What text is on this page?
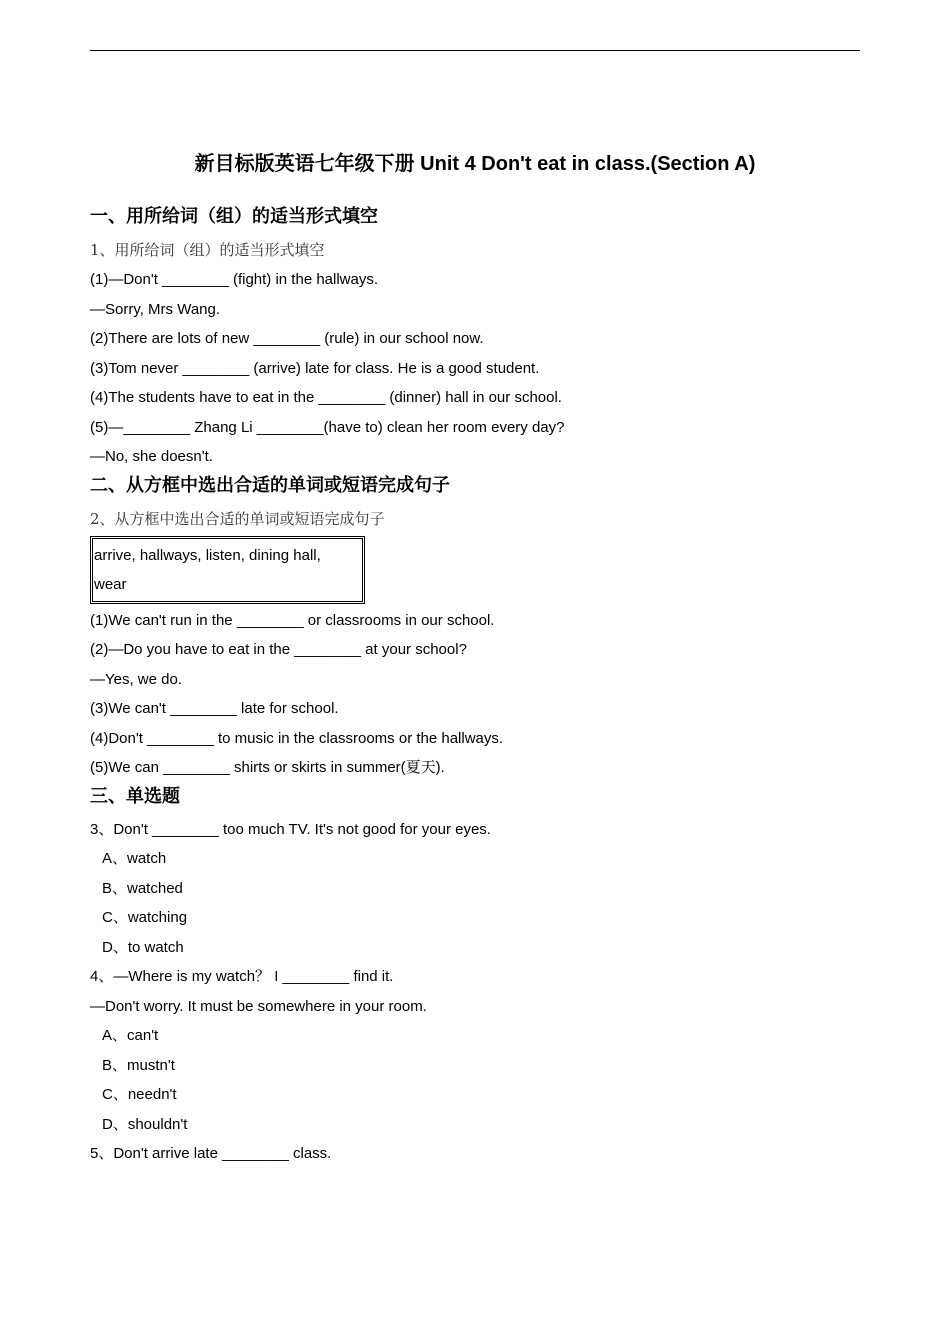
新目标版英语七年级下册 Unit 4 Don't eat in class.(Section A)
一、用所给词（组）的适当形式填空
1、用所给词（组）的适当形式填空
(1)—Don't ________ (fight) in the hallways.
—Sorry, Mrs Wang.
(2)There are lots of new ________ (rule) in our school now.
(3)Tom never ________ (arrive) late for class. He is a good student.
(4)The students have to eat in the ________ (dinner) hall in our school.
(5)—________ Zhang Li ________(have to) clean her room every day?
—No, she doesn't.
二、从方框中选出合适的单词或短语完成句子
2、从方框中选出合适的单词或短语完成句子
arrive, hallways, listen, dining hall,
wear
(1)We can't run in the ________ or classrooms in our school.
(2)—Do you have to eat in the ________ at your school?
—Yes, we do.
(3)We can't ________ late for school.
(4)Don't ________ to music in the classrooms or the hallways.
(5)We can ________ shirts or skirts in summer(夏天).
三、单选题
3、Don't ________ too much TV. It's not good for your eyes.
A、watch
B、watched
C、watching
D、to watch
4、—Where is my watch？ I ________ find it.
—Don't worry. It must be somewhere in your room.
A、can't
B、mustn't
C、needn't
D、shouldn't
5、Don't arrive late ________ class.
